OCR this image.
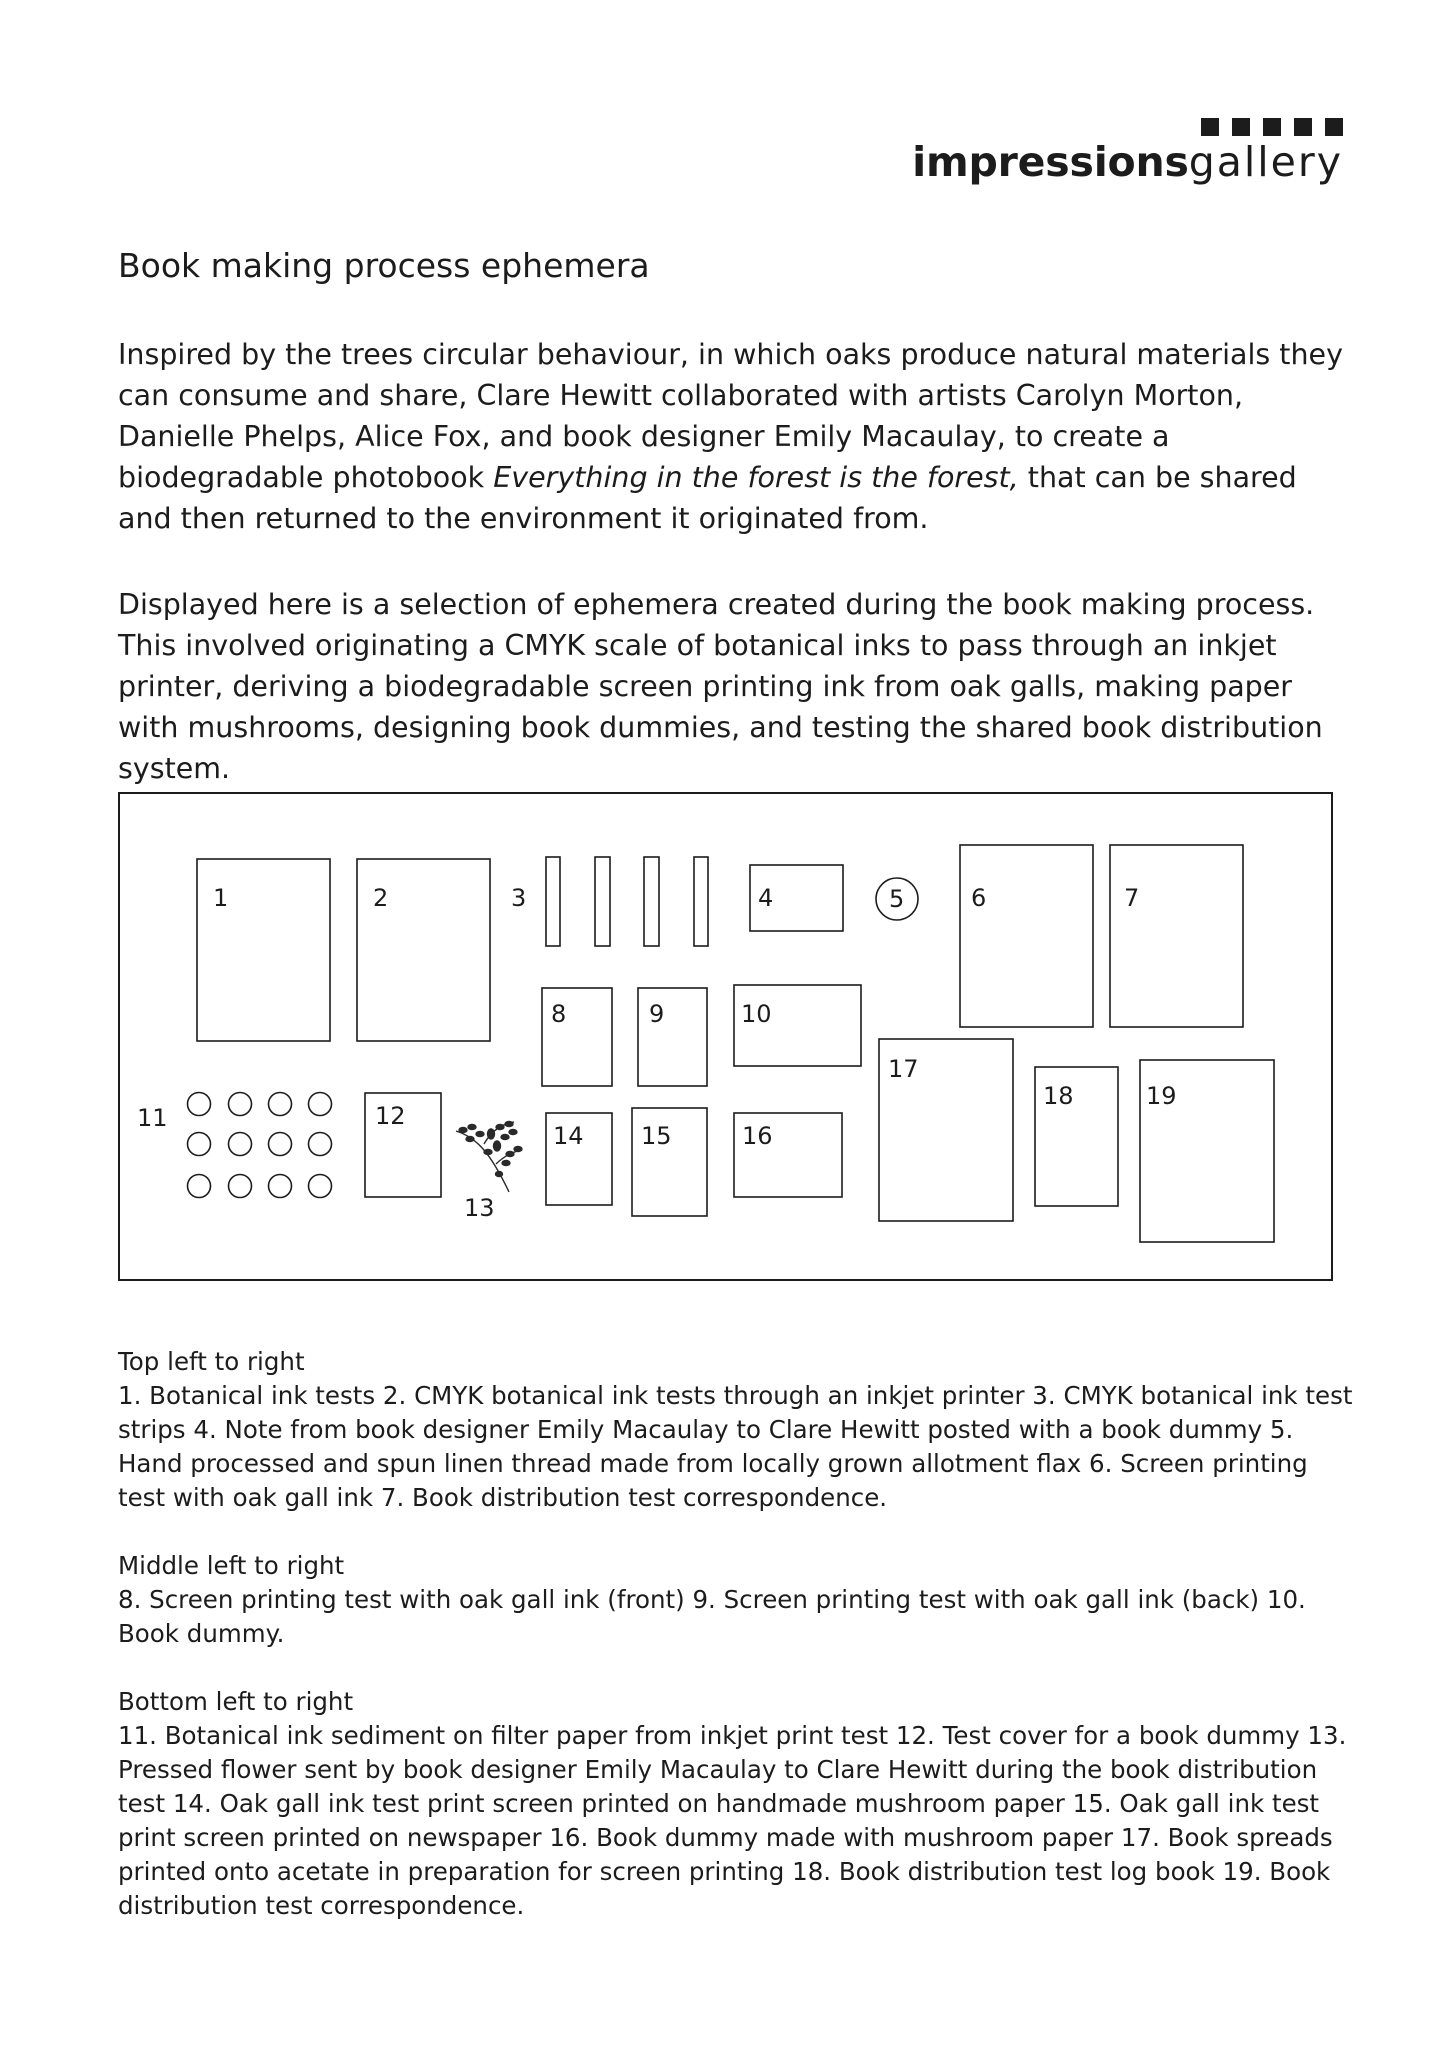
impressionsgallery
Book making process ephemera

Inspired by the trees circular behaviour, in which oaks produce natural materials they can consume and share, Clare Hewitt collaborated with artists Carolyn Morton, Danielle Phelps, Alice Fox, and book designer Emily Macaulay, to create a biodegradable photobook Everything in the forest is the forest, that can be shared and then returned to the environment it originated from.

Displayed here is a selection of ephemera created during the book making process. This involved originating a CMYK scale of botanical inks to pass through an inkjet printer, deriving a biodegradable screen printing ink from oak galls, making paper with mushrooms, designing book dummies, and testing the shared book distribution system.

1	2	3	4	5	6	7
8	9	10
11	12
13
14 15	16
17
18	19
Top left to right

1. Botanical ink tests 2. CMYK botanical ink tests through an inkjet printer 3. CMYK botanical ink test strips 4. Note from book designer Emily Macaulay to Clare Hewitt posted with a book dummy 5. Hand processed and spun linen thread made from locally grown allotment flax 6. Screen printing test with oak gall ink 7. Book distribution test correspondence.

Middle left to right

8. Screen printing test with oak gall ink (front) 9. Screen printing test with oak gall ink (back) 10. Book dummy.

Bottom left to right

11. Botanical ink sediment on filter paper from inkjet print test 12. Test cover for a book dummy 13. Pressed flower sent by book designer Emily Macaulay to Clare Hewitt during the book distribution test 14. Oak gall ink test print screen printed on handmade mushroom paper 15. Oak gall ink test print screen printed on newspaper 16. Book dummy made with mushroom paper 17. Book spreads printed onto acetate in preparation for screen printing 18. Book distribution test log book 19. Book distribution test correspondence.
